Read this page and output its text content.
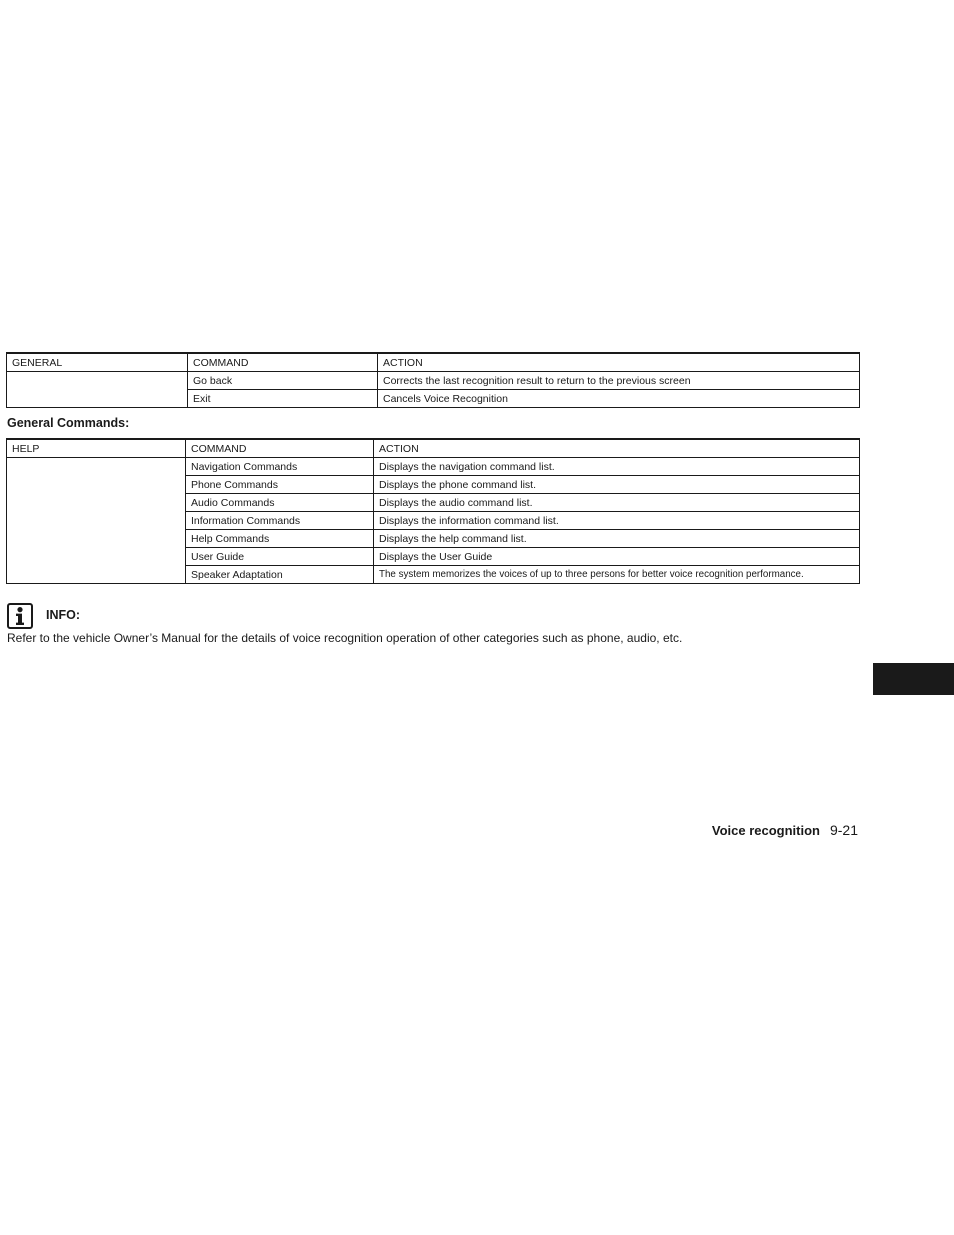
GENERAL	COMMAND	ACTION
	Go back	Corrects the last recognition result to return to the previous screen
	Exit	Cancels Voice Recognition
General Commands:
HELP	COMMAND	ACTION
	Navigation Commands	Displays the navigation command list.
	Phone Commands	Displays the phone command list.
	Audio Commands	Displays the audio command list.
	Information Commands	Displays the information command list.
	Help Commands	Displays the help command list.
	User Guide	Displays the User Guide
	Speaker Adaptation	The system memorizes the voices of up to three persons for better voice recognition performance.
INFO:

Refer to the vehicle Owner’s Manual for the details of voice recognition operation of other categories such as phone, audio, etc.

Voice recognition 9-21
